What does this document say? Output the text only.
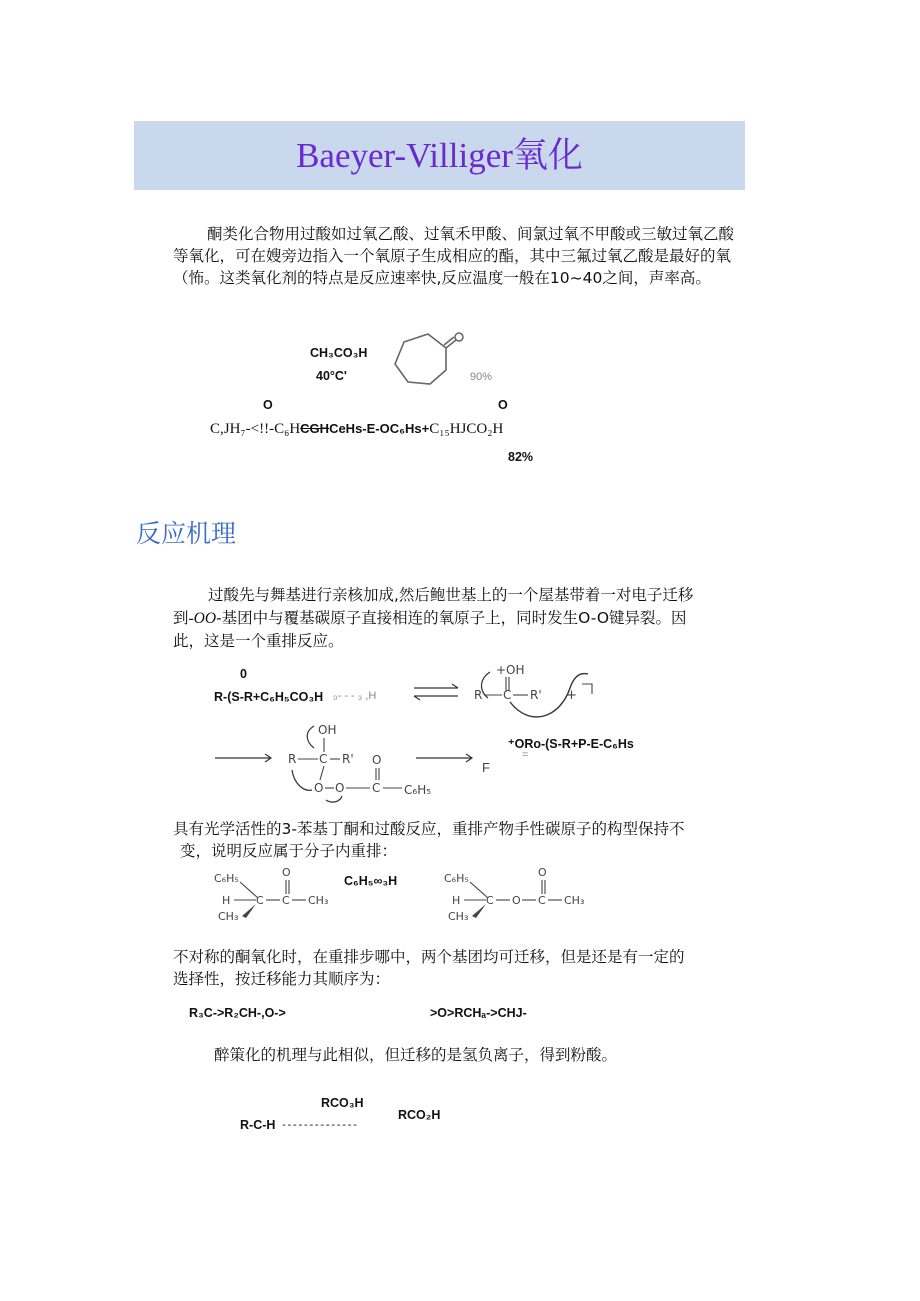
Baeyer-Villiger氧化
酮类化合物用过酸如过氧乙酸、过氧禾甲酸、间氯过氧不甲酸或三敏过氧乙酸等氧化，可在嫂旁边指入一个氧原子生成相应的酯，其中三氟过氧乙酸是最好的氧（怖。这类氧化剂的特点是反应速率快,反应温度一般在10~40之间，声率高。
CH₃CO₃H
40°C'	90%
O	O
C,JH₇-<!!-C₆HCGHCeHs-E-OC₆Hs+C₁₅HJCO₂H
82%
反应机理
过酸先与舞基进行亲核加成,然后鲍世基上的一个屋基带着一对电子迁移
到-OO-基团中与覆基碳原子直接相连的氧原子上，同时发生O-O键异裂。因
此，这是一个重排反应。
0
R-(S-R+C₆H₅CO₃H ₀- - - ₃ ,H
+OH
R C R' +
OH
R C R'
O O C
O
C₆H₅
F
⁺ORo-(S-R+P-E-C₆Hs
=
具有光学活性的3-苯基丁酮和过酸反应，重排产物手性碳原子的构型保持不
变，说明反应属于分子内重排：
C₆H₅	O
H C C CH₃
CH₃
C₆H₅∞₃H	C₆H₅	O
H C O C CH₃
CH₃
不对称的酮氧化时，在重排步哪中，两个基团均可迁移，但是还是有一定的
选择性，按迁移能力其顺序为：
R₃C->R₂CH-,O->	>O>RCHₐ->CHJ-
醉策化的机理与此相似，但迁移的是氢负离子，得到粉酸。
RCO₃H
R-C-H - - - - - - - - - - - - - -
RCO₂H
